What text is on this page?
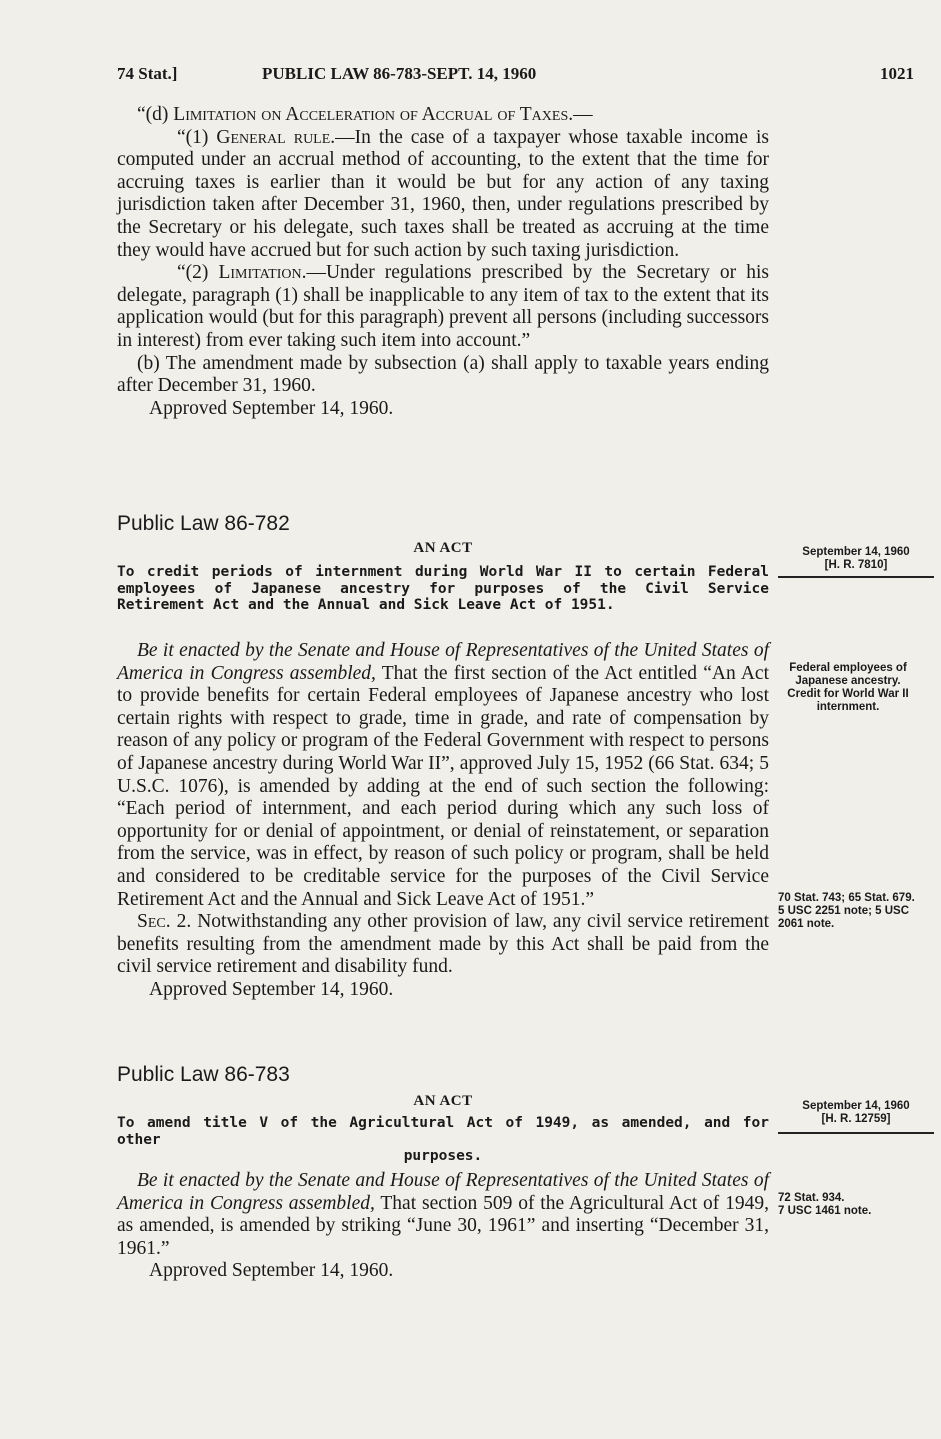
74 Stat.]	PUBLIC LAW 86-783-SEPT. 14, 1960	1021

“(d) Limitation on Acceleration of Accrual of Taxes.—

“(1) General rule.—In the case of a taxpayer whose taxable income is computed under an accrual method of accounting, to the extent that the time for accruing taxes is earlier than it would be but for any action of any taxing jurisdiction taken after December 31, 1960, then, under regulations prescribed by the Secretary or his delegate, such taxes shall be treated as accruing at the time they would have accrued but for such action by such taxing jurisdiction.

“(2) Limitation.—Under regulations prescribed by the Secretary or his delegate, paragraph (1) shall be inapplicable to any item of tax to the extent that its application would (but for this paragraph) prevent all persons (including successors in interest) from ever taking such item into account.”

(b) The amendment made by subsection (a) shall apply to taxable years ending after December 31, 1960.

Approved September 14, 1960.

Public Law 86-782
AN ACT

To credit periods of internment during World War II to certain Federal employees of Japanese ancestry for purposes of the Civil Service Retirement Act and the Annual and Sick Leave Act of 1951.

Be it enacted by the Senate and House of Representatives of the United States of America in Congress assembled, That the first section of the Act entitled “An Act to provide benefits for certain Federal employees of Japanese ancestry who lost certain rights with respect to grade, time in grade, and rate of compensation by reason of any policy or program of the Federal Government with respect to persons of Japanese ancestry during World War II”, approved July 15, 1952 (66 Stat. 634; 5 U.S.C. 1076), is amended by adding at the end of such section the following: “Each period of internment, and each period during which any such loss of opportunity for or denial of appointment, or denial of reinstatement, or separation from the service, was in effect, by reason of such policy or program, shall be held and considered to be creditable service for the purposes of the Civil Service Retirement Act and the Annual and Sick Leave Act of 1951.”

Sec. 2. Notwithstanding any other provision of law, any civil service retirement benefits resulting from the amendment made by this Act shall be paid from the civil service retirement and disability fund.

Approved September 14, 1960.

September 14, 1960
[H. R. 7810]
Federal employees of Japanese ancestry.
Credit for World War II internment.
70 Stat. 743; 65 Stat. 679.
5 USC 2251 note; 5 USC 2061 note.
Public Law 86-783
AN ACT

To amend title V of the Agricultural Act of 1949, as amended, and for other
purposes.

Be it enacted by the Senate and House of Representatives of the United States of America in Congress assembled, That section 509 of the Agricultural Act of 1949, as amended, is amended by striking “June 30, 1961” and inserting “December 31, 1961.”

Approved September 14, 1960.

September 14, 1960
[H. R. 12759]
72 Stat. 934.
7 USC 1461 note.
